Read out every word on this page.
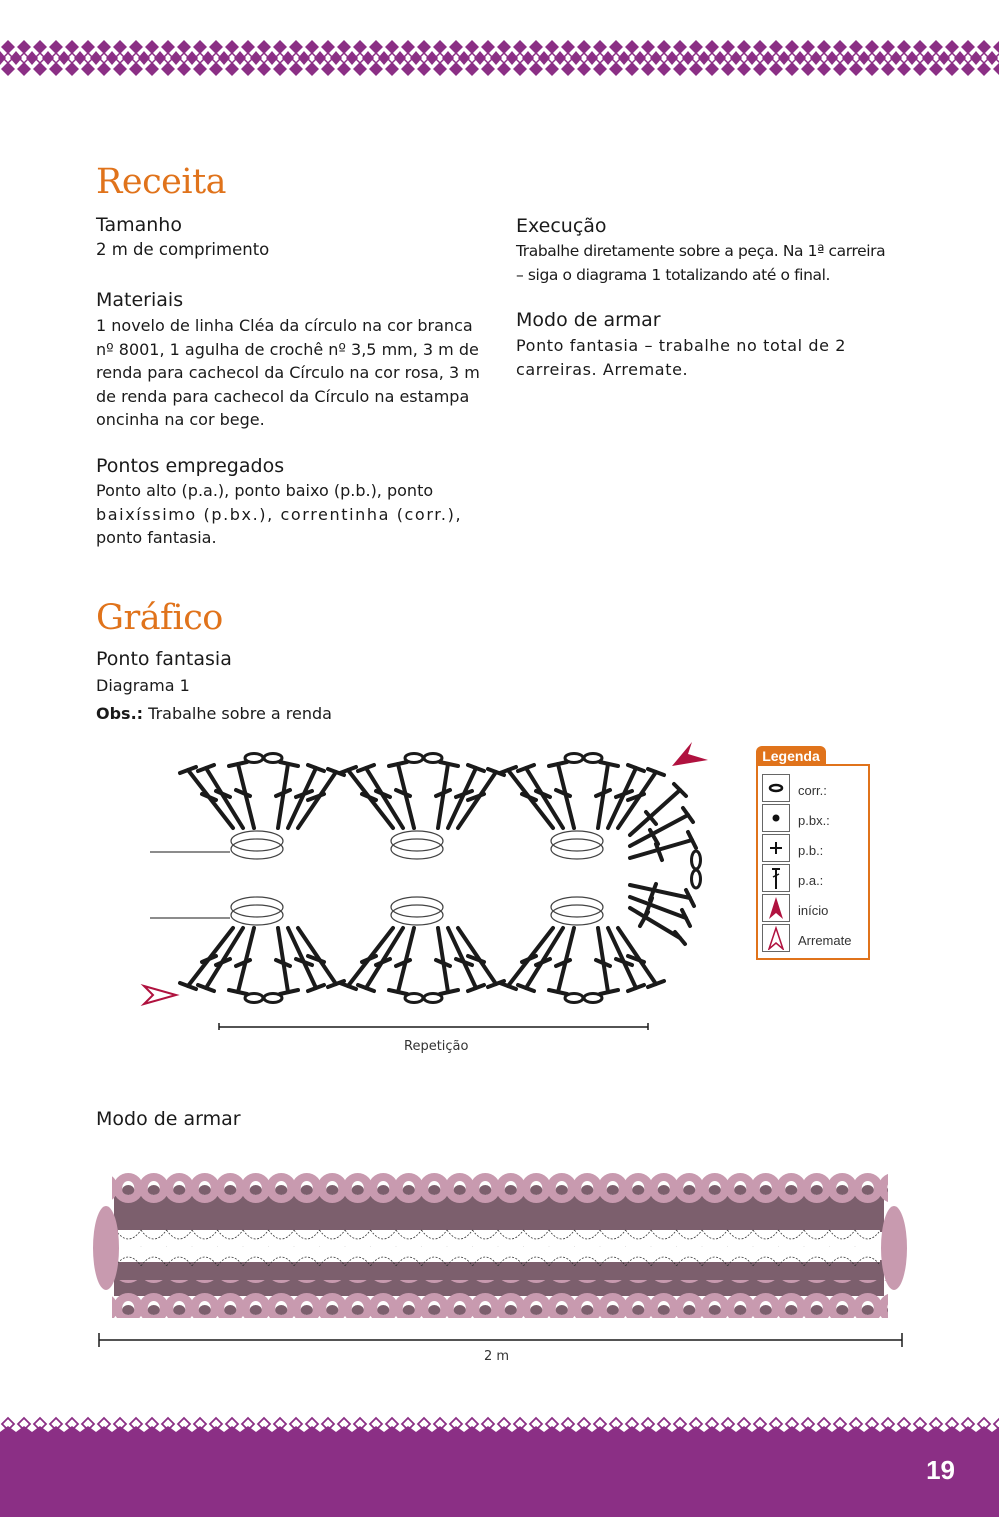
Receita
Tamanho
2 m de comprimento
Materiais
1 novelo de linha Cléa da círculo na cor branca
nº 8001, 1 agulha de crochê nº 3,5 mm, 3 m de
renda para cachecol da Círculo na cor rosa, 3 m
de renda para cachecol da Círculo na estampa
oncinha na cor bege.
Pontos empregados
Ponto alto (p.a.), ponto baixo (p.b.), ponto
baixíssimo (p.bx.), correntinha (corr.),
ponto fantasia.
Execução
Trabalhe diretamente sobre a peça. Na 1ª carreira
– siga o diagrama 1 totalizando até o final.
Modo de armar
Ponto fantasia – trabalhe no total de 2
carreiras. Arremate.
Gráfico
Ponto fantasia
Diagrama 1
Obs.: Trabalhe sobre a renda
Repetição
Legenda
corr.:
p.bx.:
p.b.:
p.a.:
início
Arremate
Modo de armar
2 m
19
